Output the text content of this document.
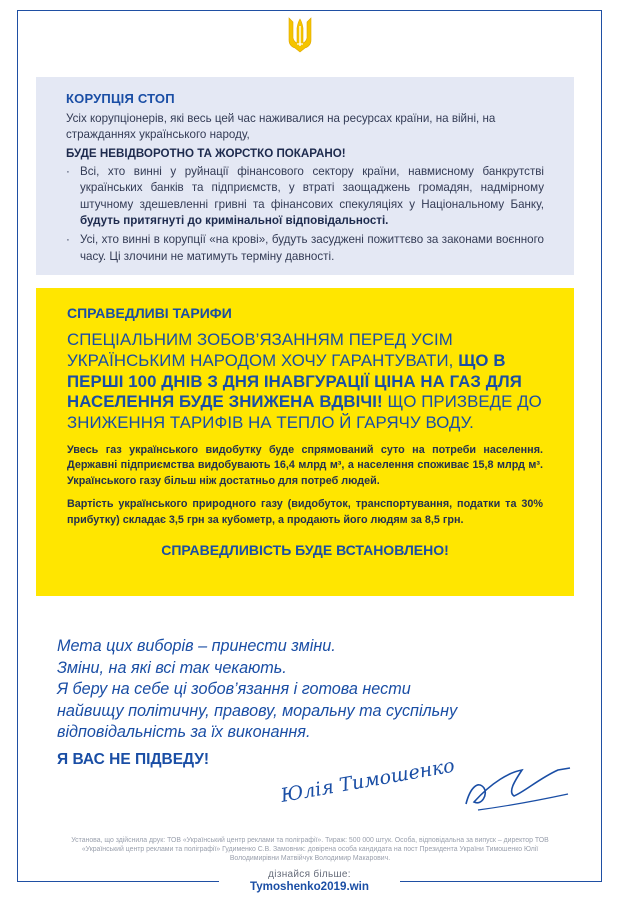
КОРУПЦІЯ СТОП

Усіх корупціонерів, які весь цей час наживалися на ресурсах країни, на війні, на стражданнях українського народу,

БУДЕ НЕВІДВОРОТНО ТА ЖОРСТКО ПОКАРАНО!

· Всі, хто винні у руйнації фінансового сектору країни, навмисному банкрутстві українських банків та підприємств, у втраті заощаджень громадян, надмірному штучному здешевленні гривні та фінансових спекуляціях у Національному Банку, будуть притягнуті до кримінальної відповідальності.
· Усі, хто винні в корупції «на крові», будуть засуджені пожиттєво за законами воєнного часу. Ці злочини не матимуть терміну давності.
СПРАВЕДЛИВІ ТАРИФИ

СПЕЦІАЛЬНИМ ЗОБОВ’ЯЗАННЯМ ПЕРЕД УСІМ УКРАЇНСЬКИМ НАРОДОМ ХОЧУ ГАРАНТУВАТИ, ЩО В ПЕРШІ 100 ДНІВ З ДНЯ ІНАВГУРАЦІЇ ЦІНА НА ГАЗ ДЛЯ НАСЕЛЕННЯ БУДЕ ЗНИЖЕНА ВДВІЧІ! ЩО ПРИЗВЕДЕ ДО ЗНИЖЕННЯ ТАРИФІВ НА ТЕПЛО Й ГАРЯЧУ ВОДУ.

Увесь газ українського видобутку буде спрямований суто на потреби населення. Державні підприємства видобувають 16,4 млрд м³, а населення споживає 15,8 млрд м³. Українського газу більш ніж достатньо для потреб людей.

Вартість українського природного газу (видобуток, транспортування, податки та 30% прибутку) складає 3,5 грн за кубометр, а продають його людям за 8,5 грн.

СПРАВЕДЛИВІСТЬ БУДЕ ВСТАНОВЛЕНО!
Мета цих виборів – принести зміни.
Зміни, на які всі так чекають.
Я беру на себе ці зобов’язання і готова нести
найвищу політичну, правову, моральну та суспільну
відповідальність за їх виконання.
Я ВАС НЕ ПІДВЕДУ!	Юлія Тимошенко
Установа, що здійснила друк: ТОВ «Український центр реклами та поліграфії». Тираж: 500 000 штук. Особа, відповідальна за випуск – директор ТОВ «Український центр реклами та поліграфії» Гудименко С.В. Замовник: довірена особа кандидата на пост Президента України Тимошенко Юлії Володимирівни Матвійчук Володимир Макарович.
дізнайся більше:
Tymoshenko2019.win
